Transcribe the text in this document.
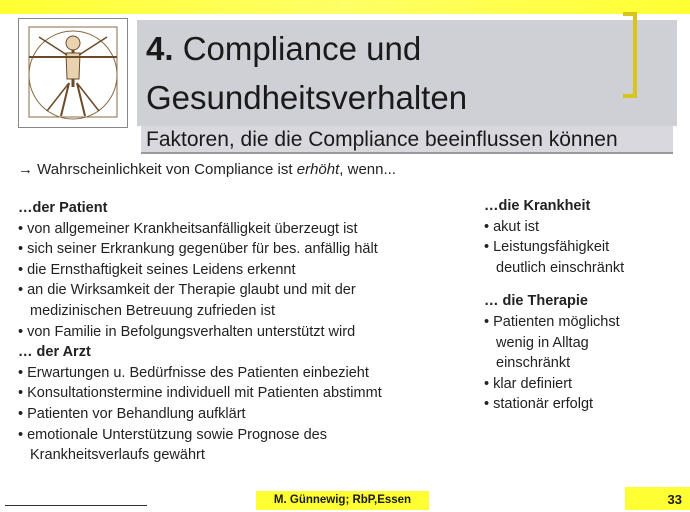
4. Compliance und
Gesundheitsverhalten
Faktoren, die die Compliance beeinflussen können
→ Wahrscheinlichkeit von Compliance ist erhöht, wenn...
…der Patient
• von allgemeiner Krankheitsanfälligkeit überzeugt ist
• sich seiner Erkrankung gegenüber für bes. anfällig hält
• die Ernsthaftigkeit seines Leidens erkennt
• an die Wirksamkeit der Therapie glaubt und mit der
medizinischen Betreuung zufrieden ist
• von Familie in Befolgungsverhalten unterstützt wird
… der Arzt
• Erwartungen u. Bedürfnisse des Patienten einbezieht
• Konsultationstermine individuell mit Patienten abstimmt
• Patienten vor Behandlung aufklärt
• emotionale Unterstützung sowie Prognose des
Krankheitsverlaufs gewährt
…die Krankheit
• akut ist
• Leistungsfähigkeit
deutlich einschränkt
… die Therapie
• Patienten möglichst
wenig in Alltag
einschränkt
• klar definiert
• stationär erfolgt
M. Günnewig; RbP,Essen	33
